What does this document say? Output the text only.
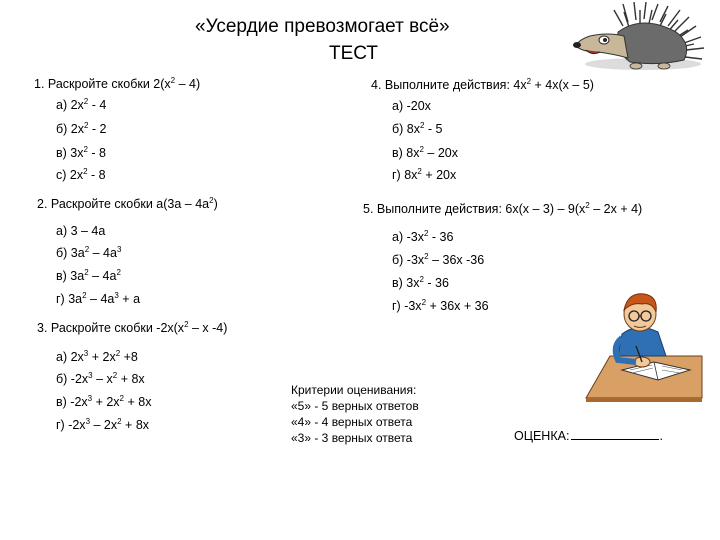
«Усердие превозмогает всё»
ТЕСТ
1. Раскройте скобки $2(х^2 - 4)$
а) $2х^2 - 4$
б) $2х^2 - 2$
в) $3х^2 - 8$
с) $2х^2 - 8$
2. Раскройте скобки $а(3а - 4а^2)$
а) 3 – 4а
б) $3а^2 - 4а^3$
в) $3а^2 - 4а^2$
г) $3а^2 - 4а^3 + а$
3. Раскройте скобки $-2х(х^2$ – х -4)
а) $2х^3 + 2х^2 +8$
б) $-2х^3 - х^2 + 8х$
в) $-2х^3 + 2х^2 + 8х$
г) $-2х^3 - 2х^2 + 8х$
4. Выполните действия: $4х^2 + 4х(х - 5)$
а) -20х
б) $8х^2 - 5$
в) $8х^2 - 20х$
г) $8х^2 + 20х$
5. Выполните действия: $6х(х - 3) - 9(х^2 - 2х + 4)$
а) $-3х^2 - 36$
б) $-3х^2 - 36х$ -36
в) $3х^2 - 36$
г) $-3х^2 + 36х + 36$
Критерии оценивания:
«5» - 5 верных ответов
«4» - 4 верных ответа
«3» - 3 верных ответа	ОЦЕНКА:	.
